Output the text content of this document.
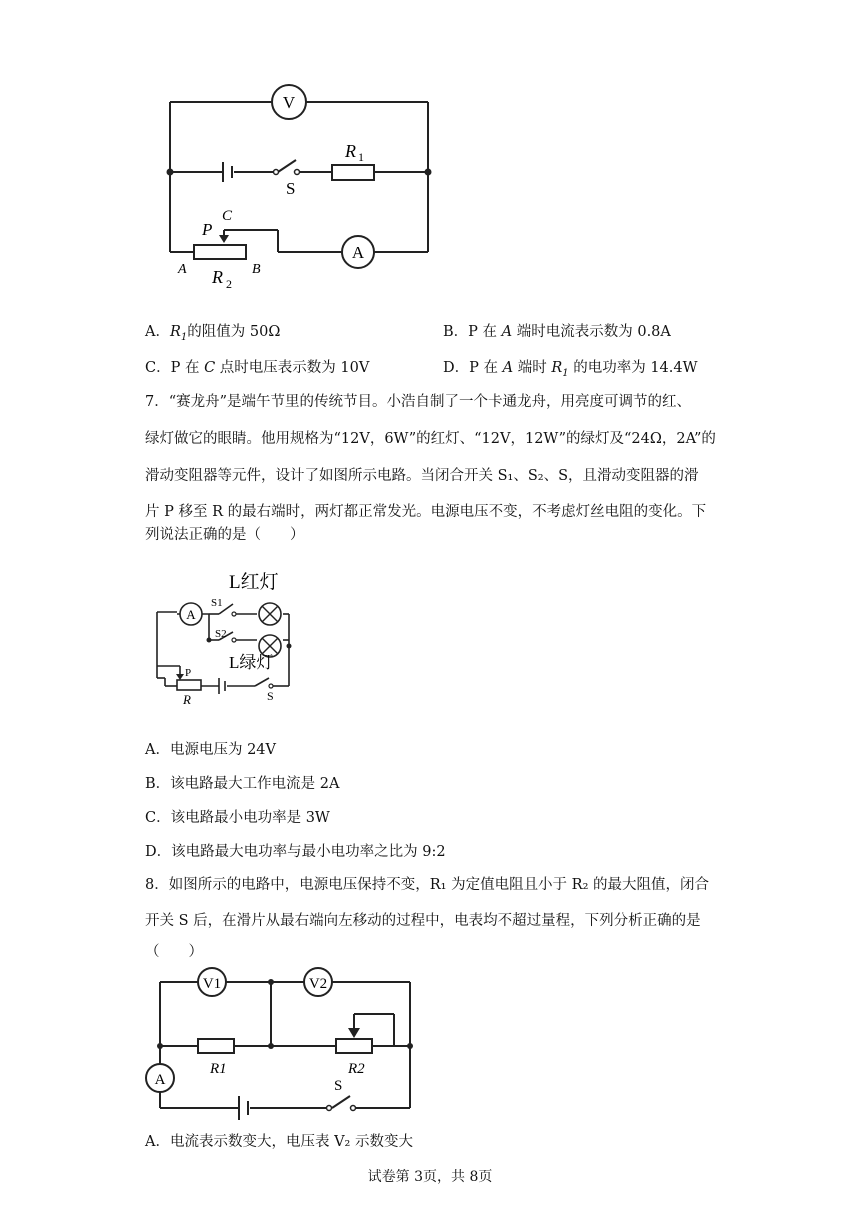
V
S
R 1
C
P
A	B
R 2
A
A．$R_1$的阻值为 50Ω	B．P 在 A 端时电流表示数为 0.8A
C．P 在 C 点时电压表示数为 10V	D．P 在 A 端时 $R_1$ 的电功率为 14.4W
7．“赛龙舟”是端午节里的传统节目。小浩自制了一个卡通龙舟，用亮度可调节的红、
绿灯做它的眼睛。他用规格为“12V，6W”的红灯、“12V，12W”的绿灯及“24Ω，2A”的
滑动变阻器等元件，设计了如图所示电路。当闭合开关 S₁、S₂、S，且滑动变阻器的滑
片 P 移至 R 的最右端时，两灯都正常发光。电源电压不变，不考虑灯丝电阻的变化。下
列说法正确的是（　　）
A
L红灯
L绿灯
S1
S2
S
P
R
A．电源电压为 24V
B．该电路最大工作电流是 2A
C．该电路最小电功率是 3W
D．该电路最大电功率与最小电功率之比为 9:2
8．如图所示的电路中，电源电压保持不变，R₁ 为定值电阻且小于 R₂ 的最大阻值，闭合
开关 S 后，在滑片从最右端向左移动的过程中，电表均不超过量程，下列分析正确的是
（　　）
V1	V2
A
R1	R2
S
A．电流表示数变大，电压表 V₂ 示数变大
试卷第 3页，共 8页
